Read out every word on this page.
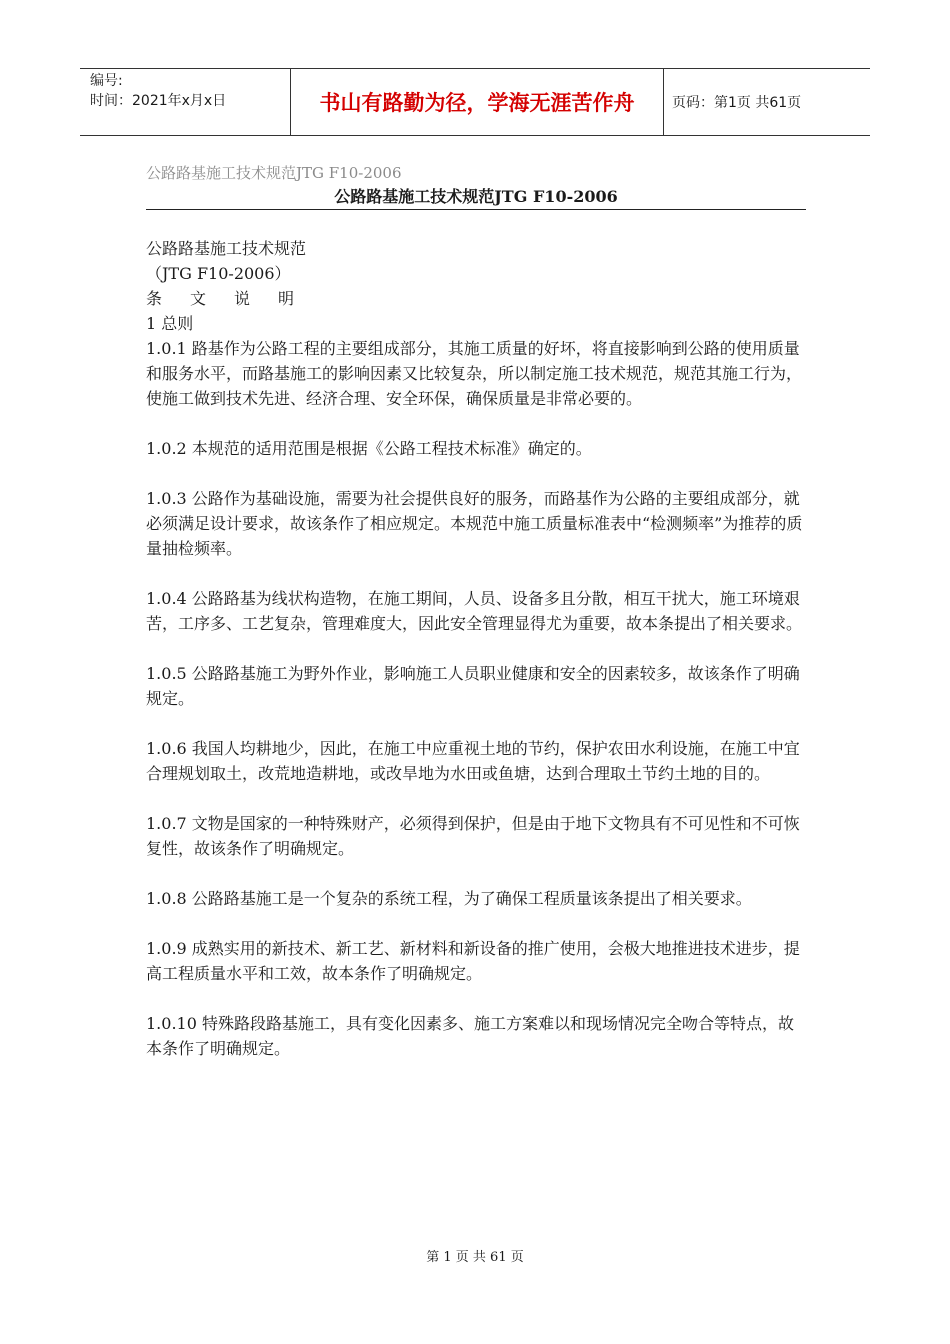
编号:
时间：2021年x月x日	书山有路勤为径，学海无涯苦作舟	页码：第1页 共61页
公路路基施工技术规范JTG F10-2006
公路路基施工技术规范JTG F10-2006

公路路基施工技术规范

（JTG F10-2006）

条文说明

1 总则

1.0.1 路基作为公路工程的主要组成部分，其施工质量的好坏，将直接影响到公路的使用质量和服务水平，而路基施工的影响因素又比较复杂，所以制定施工技术规范，规范其施工行为，使施工做到技术先进、经济合理、安全环保，确保质量是非常必要的。

1.0.2 本规范的适用范围是根据《公路工程技术标准》确定的。

1.0.3 公路作为基础设施，需要为社会提供良好的服务，而路基作为公路的主要组成部分，就必须满足设计要求，故该条作了相应规定。本规范中施工质量标准表中“检测频率”为推荐的质量抽检频率。

1.0.4 公路路基为线状构造物，在施工期间，人员、设备多且分散，相互干扰大，施工环境艰苦，工序多、工艺复杂，管理难度大，因此安全管理显得尤为重要，故本条提出了相关要求。

1.0.5 公路路基施工为野外作业，影响施工人员职业健康和安全的因素较多，故该条作了明确规定。

1.0.6 我国人均耕地少，因此，在施工中应重视土地的节约，保护农田水利设施，在施工中宜合理规划取土，改荒地造耕地，或改旱地为水田或鱼塘，达到合理取土节约土地的目的。

1.0.7 文物是国家的一种特殊财产，必须得到保护，但是由于地下文物具有不可见性和不可恢复性，故该条作了明确规定。

1.0.8 公路路基施工是一个复杂的系统工程，为了确保工程质量该条提出了相关要求。

1.0.9 成熟实用的新技术、新工艺、新材料和新设备的推广使用，会极大地推进技术进步，提高工程质量水平和工效，故本条作了明确规定。

1.0.10 特殊路段路基施工，具有变化因素多、施工方案难以和现场情况完全吻合等特点，故本条作了明确规定。

第 1 页 共 61 页
